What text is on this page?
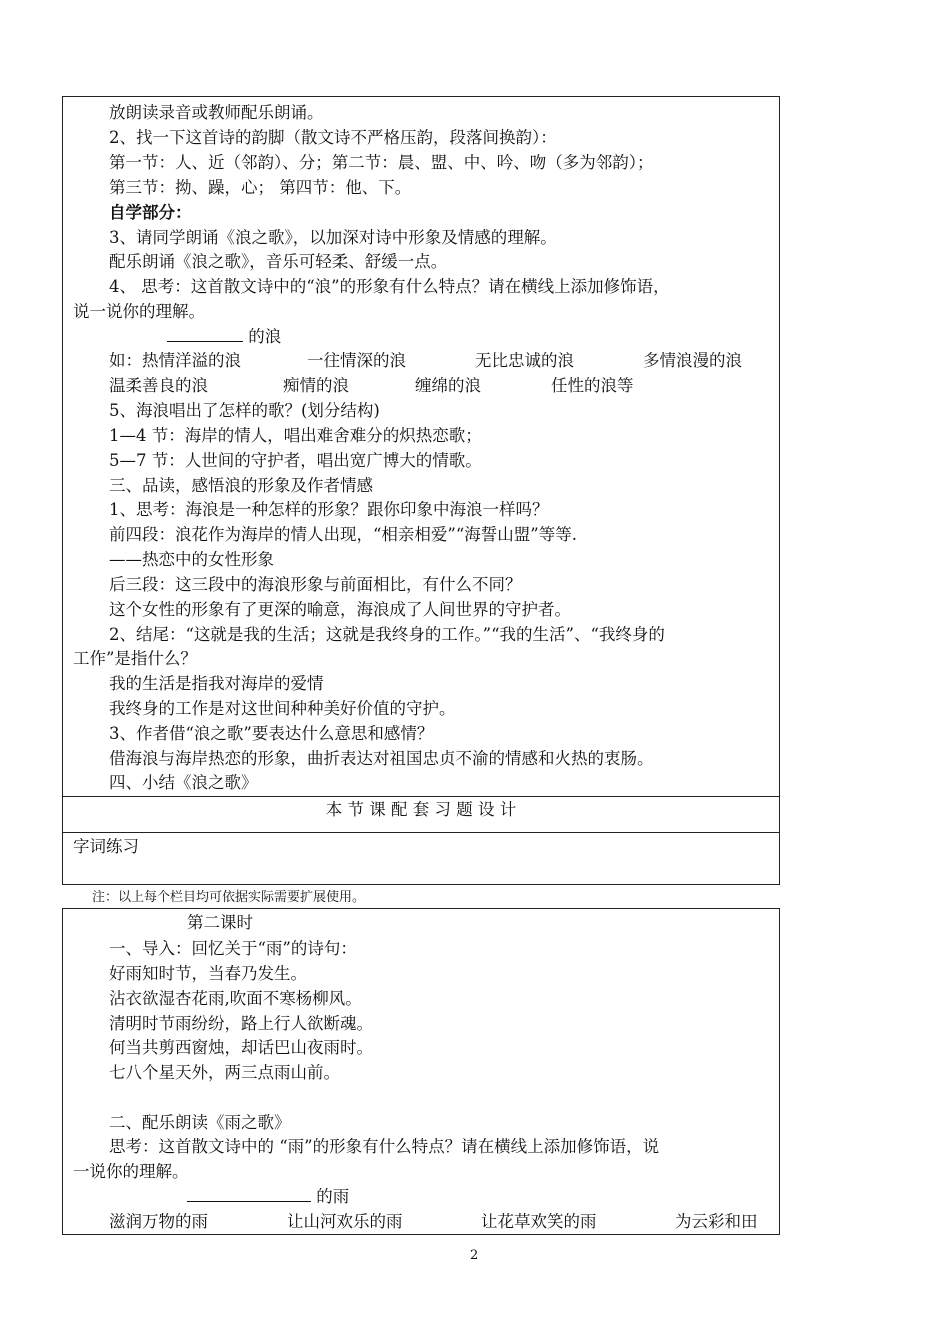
放朗读录音或教师配乐朗诵。
2、找一下这首诗的韵脚（散文诗不严格压韵，段落间换韵）：
第一节：人、近（邻韵）、分；第二节：晨、盟、中、吟、吻（多为邻韵）；
第三节：拗、躁，心； 第四节：他、下。
自学部分：
3、请同学朗诵《浪之歌》，以加深对诗中形象及情感的理解。
配乐朗诵《浪之歌》，音乐可轻柔、舒缓一点。
4、 思考：这首散文诗中的“浪”的形象有什么特点？请在横线上添加修饰语，
说一说你的理解。
的浪
如：热情洋溢的浪	一往情深的浪	无比忠诚的浪	多情浪漫的浪
温柔善良的浪	痴情的浪	缠绵的浪	任性的浪等
5、海浪唱出了怎样的歌？(划分结构)
1—4 节：海岸的情人，唱出难舍难分的炽热恋歌；
5—7 节：人世间的守护者，唱出宽广博大的情歌。
三、品读，感悟浪的形象及作者情感
1、思考：海浪是一种怎样的形象？跟你印象中海浪一样吗？
前四段：浪花作为海岸的情人出现，“相亲相爱”“海誓山盟”等等.
——热恋中的女性形象
后三段：这三段中的海浪形象与前面相比，有什么不同？
这个女性的形象有了更深的喻意，海浪成了人间世界的守护者。
2、结尾：“这就是我的生活；这就是我终身的工作。”“我的生活”、“我终身的
工作”是指什么？
我的生活是指我对海岸的爱情
我终身的工作是对这世间种种美好价值的守护。
3、作者借“浪之歌”要表达什么意思和感情？
借海浪与海岸热恋的形象，曲折表达对祖国忠贞不渝的情感和火热的衷肠。
四、小结《浪之歌》
本 节 课 配 套 习 题 设 计
字词练习
注：以上每个栏目均可依据实际需要扩展使用。
第二课时
一、导入：回忆关于“雨”的诗句：
好雨知时节，当春乃发生。
沾衣欲湿杏花雨,吹面不寒杨柳风。
清明时节雨纷纷，路上行人欲断魂。
何当共剪西窗烛，却话巴山夜雨时。
七八个星天外，两三点雨山前。
二、配乐朗读《雨之歌》
思考：这首散文诗中的 “雨”的形象有什么特点？请在横线上添加修饰语，说
一说你的理解。
的雨
滋润万物的雨	让山河欢乐的雨	让花草欢笑的雨	为云彩和田
2
